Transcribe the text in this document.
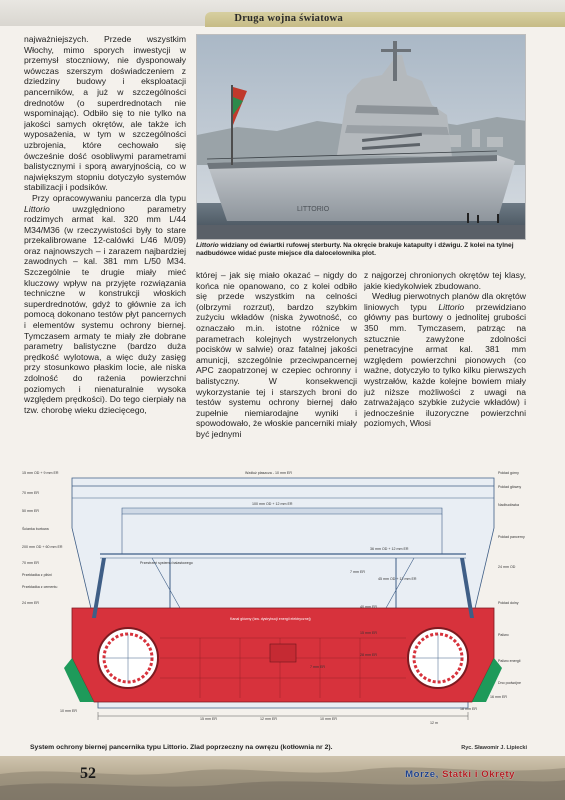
Druga wojna światowa

najważniejszych. Przede wszystkim Włochy, mimo sporych inwestycji w przemysł stoczniowy, nie dysponowały wówczas szerszym doświadczeniem z dziedziny budowy i eksploatacji pancerników, a już w szczególności drednotów (o superdrednotach nie wspominając). Odbiło się to nie tylko na jakości samych okrętów, ale także ich wyposażenia, w tym w szczególności uzbrojenia, które cechowało się ówcześnie dość osobliwymi parametrami balistycznymi i sporą awaryjnością, co w największym stopniu dotyczyło systemów stabilizacji i podsików.

Przy opracowywaniu pancerza dla typu Littorio uwzględniono parametry rodzimych armat kal. 320 mm L/44 M34/M36 (w rzeczywistości były to stare przekalibrowane 12-calówki L/46 M/09) oraz najnowszych – i zarazem najbardziej zawodnych – kal. 381 mm L/50 M34. Szczególnie te drugie miały mieć kluczowy wpływ na przyjęte rozwiązania techniczne w konstrukcji włoskich superdrednotów, gdyż to głównie za ich pomocą dokonano testów płyt pancernych i elementów systemu ochrony biernej. Tymczasem armaty te miały złe dobrane parametry balistyczne (bardzo duża prędkość wylotowa, a więc duży zasięg przy stosunkowo płaskim locie, ale niska zdolność do rażenia powierzchni poziomych i nienaturalnie wysoka względem prędkości). Do tego cierpiały na tzw. chorobę wieku dziecięcego,

LITTORIO
Littorio widziany od ćwiartki rufowej sterburty. Na okręcie brakuje katapulty i dźwigu. Z kolei na tylnej nadbudówce widać puste miejsce dla dalocelownika plot.

której – jak się miało okazać – nigdy do końca nie opanowano, co z kolei odbiło się przede wszystkim na celności (olbrzymi rozrzut), bardzo szybkim zużyciu wkładów (niska żywotność, co oznaczało m.in. istotne różnice w parametrach kolejnych wystrzelonych pocisków w salwie) oraz fatalnej jakości amunicji, szczególnie przeciwpancernej APC zaopatrzonej w czepiec ochronny i balistyczny. W konsekwencji wykorzystanie tej i starszych broni do testów systemu ochrony biernej dało zupełnie niemiarodajne wyniki i spowodowało, że włoskie pancerniki miały być jednymi

z najgorzej chronionych okrętów tej klasy, jakie kiedykolwiek zbudowano.

Według pierwotnych planów dla okrętów liniowych typu Littorio przewidziano główny pas burtowy o jednolitej grubości 350 mm. Tymczasem, patrząc na sztucznie zawyżone zdolności penetracyjne armat kal. 381 mm względem powierzchni pionowych (co ważne, dotyczyło to tylko kilku pierwszych wystrzałów, każde kolejne bowiem miały już niższe możliwości z uwagi na zatrważająco szybkie zużycie wkładów) i jednocześnie iluzoryczne powierzchni poziomych, Włosi

Wzdłuż płaszcza - 10 mm ER
100 mm OD + 12 mm ER
36 mm OD + 12 mm ER
45 mm OD + 12 mm ER
15 mm OD + 9 mm ER
70 mm ER
50 mm ER
Ścianka burtowa
200 mm OD + 60 mm ER
70 mm ER
Przekładka z pilśni
Przekładka z cementu
24 mm ER
Przestrzeń systemu balastowego
7 mm ER
40 mm ER
15 mm ER
28 mm ER
7 mm ER
Kanał główny (tzw. dystrybucji energii elektrycznej)
Pokład górny
Pokład główny
Nadbudówka
Pokład pancerny
24 mm OD
Pokład dolny
Paliwo
Paliwo energii
Dno podwójne
10 mm ER
15 mm ER	12 mm ER	10 mm ER
18 mm ER
16 mm ER
12 m
System ochrony biernej pancernika typu Littorio. Zlad poprzeczny na owręzu (kotłownia nr 2).	Ryc. Sławomir J. Lipiecki
52	Morze, Statki i Okręty
